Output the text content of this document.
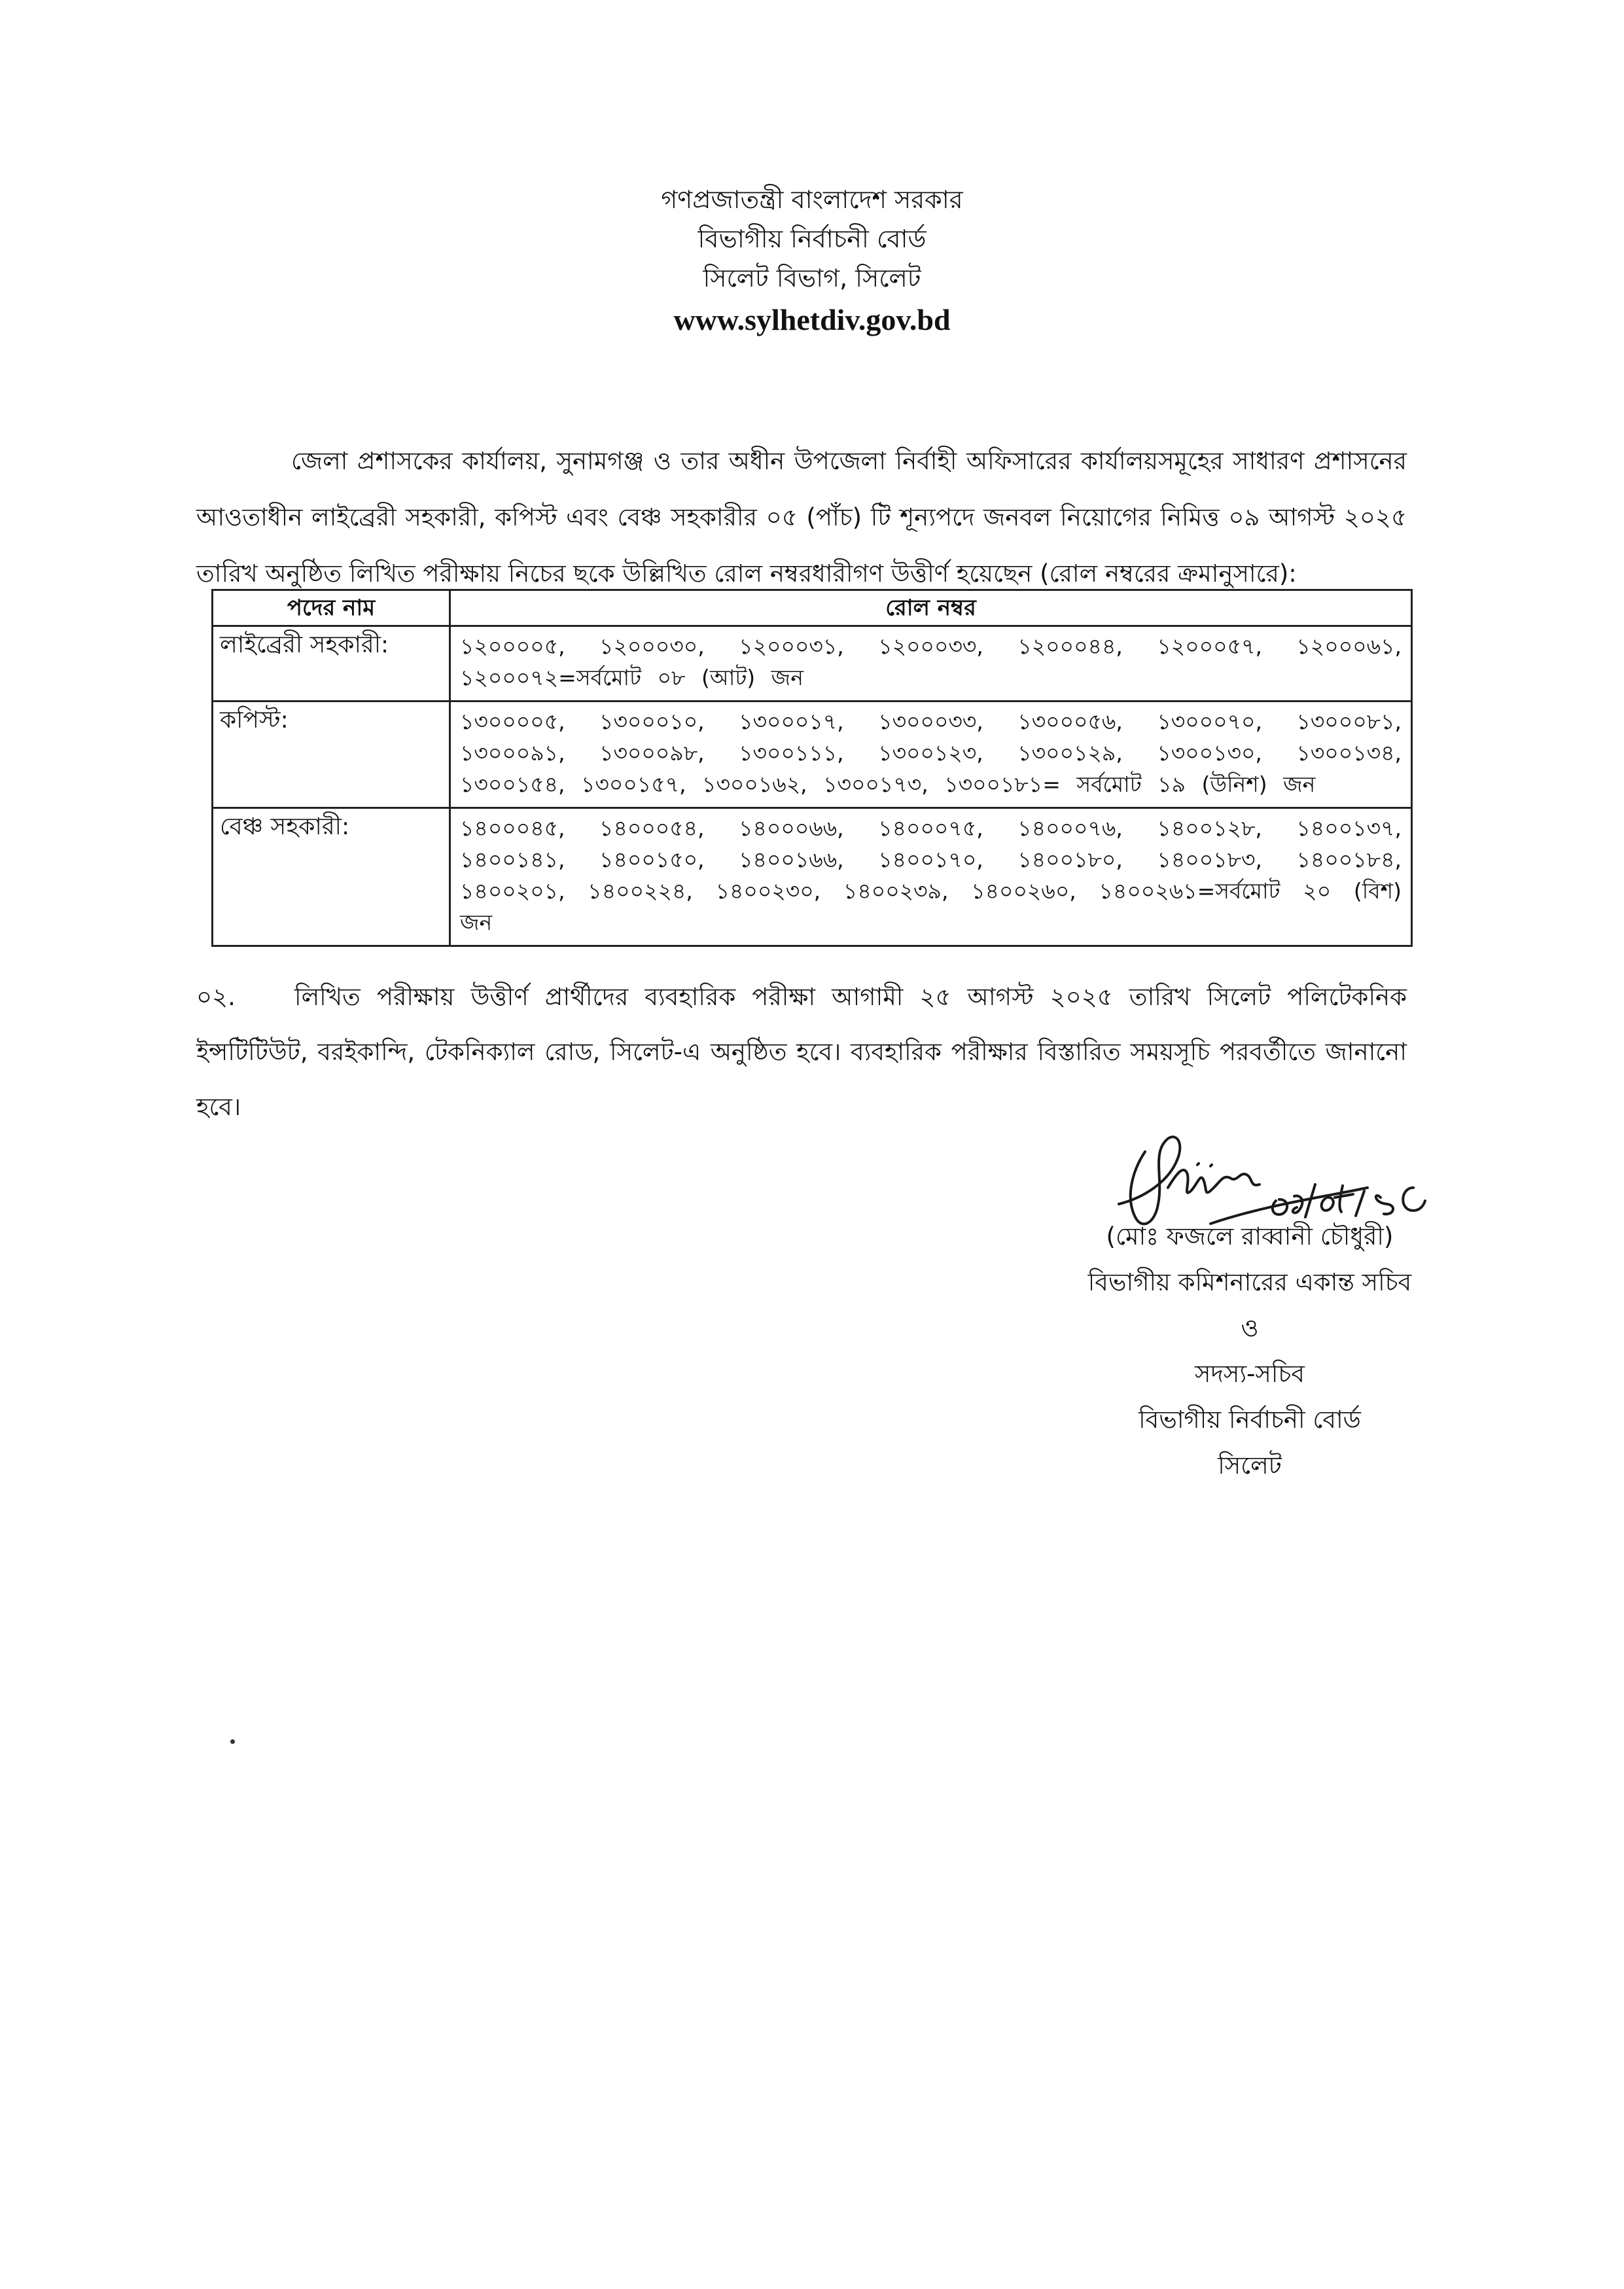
গণপ্রজাতন্ত্রী বাংলাদেশ সরকার
বিভাগীয় নির্বাচনী বোর্ড
সিলেট বিভাগ, সিলেট
www.sylhetdiv.gov.bd

জেলা প্রশাসকের কার্যালয়, সুনামগঞ্জ ও তার অধীন উপজেলা নির্বাহী অফিসারের কার্যালয়সমূহের সাধারণ প্রশাসনের আওতাধীন লাইব্রেরী সহকারী, কপিস্ট এবং বেঞ্চ সহকারীর ০৫ (পাঁচ) টি শূন্যপদে জনবল নিয়োগের নিমিত্ত ০৯ আগস্ট ২০২৫ তারিখ অনুষ্ঠিত লিখিত পরীক্ষায় নিচের ছকে উল্লিখিত রোল নম্বরধারীগণ উত্তীর্ণ হয়েছেন (রোল নম্বরের ক্রমানুসারে):

পদের নাম	রোল নম্বর
লাইব্রেরী সহকারী:	১২০০০০৫, ১২০০০৩০, ১২০০০৩১, ১২০০০৩৩, ১২০০০৪৪, ১২০০০৫৭, ১২০০০৬১, ১২০০০৭২=সর্বমোট ০৮ (আট) জন
কপিস্ট:	১৩০০০০৫, ১৩০০০১০, ১৩০০০১৭, ১৩০০০৩৩, ১৩০০০৫৬, ১৩০০০৭০, ১৩০০০৮১, ১৩০০০৯১, ১৩০০০৯৮, ১৩০০১১১, ১৩০০১২৩, ১৩০০১২৯, ১৩০০১৩০, ১৩০০১৩৪, ১৩০০১৫৪, ১৩০০১৫৭, ১৩০০১৬২, ১৩০০১৭৩, ১৩০০১৮১= সর্বমোট ১৯ (উনিশ) জন
বেঞ্চ সহকারী:	১৪০০০৪৫, ১৪০০০৫৪, ১৪০০০৬৬, ১৪০০০৭৫, ১৪০০০৭৬, ১৪০০১২৮, ১৪০০১৩৭, ১৪০০১৪১, ১৪০০১৫০, ১৪০০১৬৬, ১৪০০১৭০, ১৪০০১৮০, ১৪০০১৮৩, ১৪০০১৮৪, ১৪০০২০১, ১৪০০২২৪, ১৪০০২৩০, ১৪০০২৩৯, ১৪০০২৬০, ১৪০০২৬১=সর্বমোট ২০ (বিশ) জন

০২. লিখিত পরীক্ষায় উত্তীর্ণ প্রার্থীদের ব্যবহারিক পরীক্ষা আগামী ২৫ আগস্ট ২০২৫ তারিখ সিলেট পলিটেকনিক ইন্সটিটিউট, বরইকান্দি, টেকনিক্যাল রোড, সিলেট-এ অনুষ্ঠিত হবে। ব্যবহারিক পরীক্ষার বিস্তারিত সময়সূচি পরবর্তীতে জানানো হবে।

(মোঃ ফজলে রাব্বানী চৌধুরী)
বিভাগীয় কমিশনারের একান্ত সচিব
ও
সদস্য-সচিব
বিভাগীয় নির্বাচনী বোর্ড
সিলেট
